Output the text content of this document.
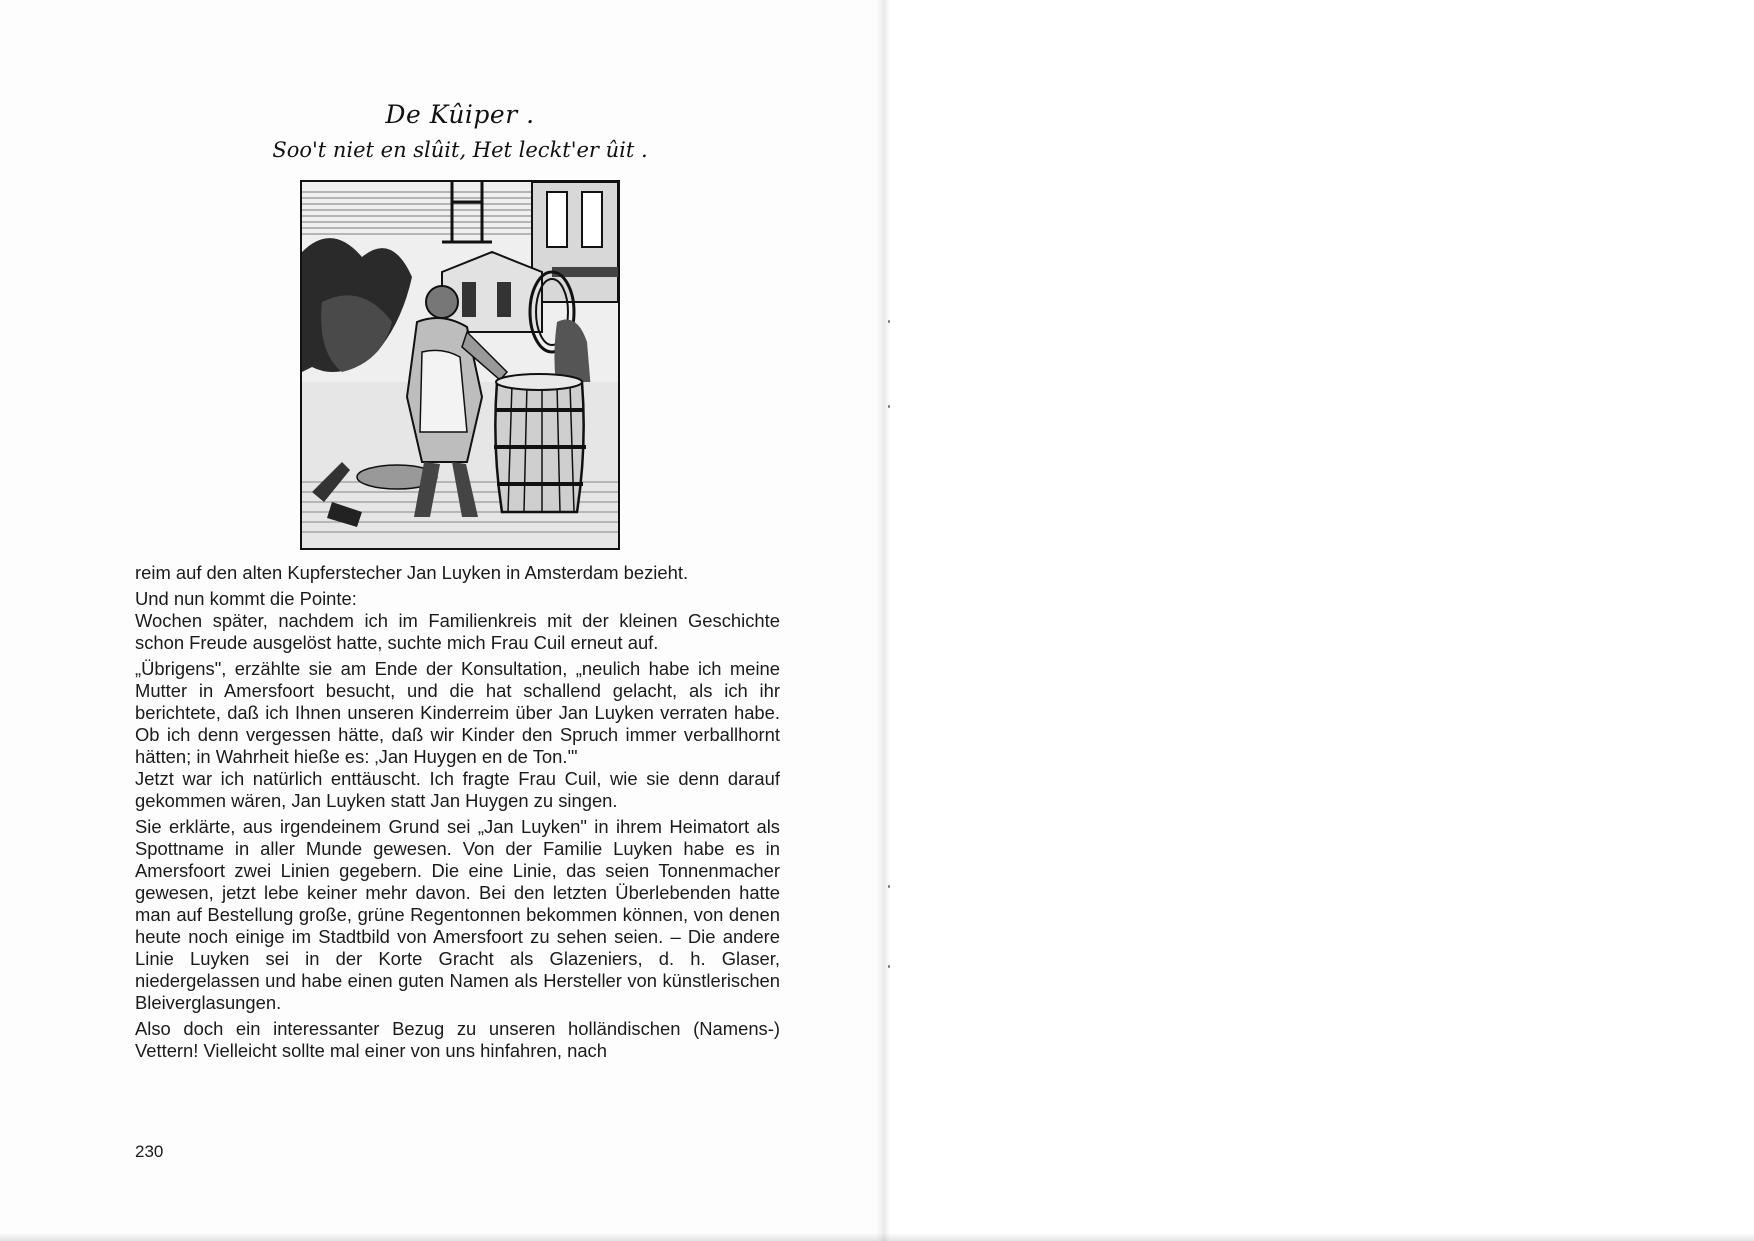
De Kûiper .
Soo't niet en slûit, Het leckt'er ûit .

reim auf den alten Kupferstecher Jan Luyken in Amsterdam bezieht.

Und nun kommt die Pointe:

Wochen später, nachdem ich im Familienkreis mit der kleinen Geschichte schon Freude ausgelöst hatte, suchte mich Frau Cuil erneut auf.

„Übrigens", erzählte sie am Ende der Konsultation, „neulich habe ich meine Mutter in Amersfoort besucht, und die hat schallend gelacht, als ich ihr berichtete, daß ich Ihnen unseren Kinderreim über Jan Luyken verraten habe. Ob ich denn vergessen hätte, daß wir Kinder den Spruch immer verballhornt hätten; in Wahrheit hieße es: ‚Jan Huygen en de Ton.'"

Jetzt war ich natürlich enttäuscht. Ich fragte Frau Cuil, wie sie denn darauf gekommen wären, Jan Luyken statt Jan Huygen zu singen.

Sie erklärte, aus irgendeinem Grund sei „Jan Luyken" in ihrem Heimatort als Spottname in aller Munde gewesen. Von der Familie Luyken habe es in Amersfoort zwei Linien gegebern. Die eine Linie, das seien Tonnenmacher gewesen, jetzt lebe keiner mehr davon. Bei den letzten Überlebenden hatte man auf Bestellung große, grüne Regentonnen bekommen können, von denen heute noch einige im Stadtbild von Amersfoort zu sehen seien. – Die andere Linie Luyken sei in der Korte Gracht als Glazeniers, d. h. Glaser, niedergelassen und habe einen guten Namen als Hersteller von künstlerischen Bleiverglasungen.

Also doch ein interessanter Bezug zu unseren holländischen (Namens-) Vettern! Vielleicht sollte mal einer von uns hinfahren, nach

230
